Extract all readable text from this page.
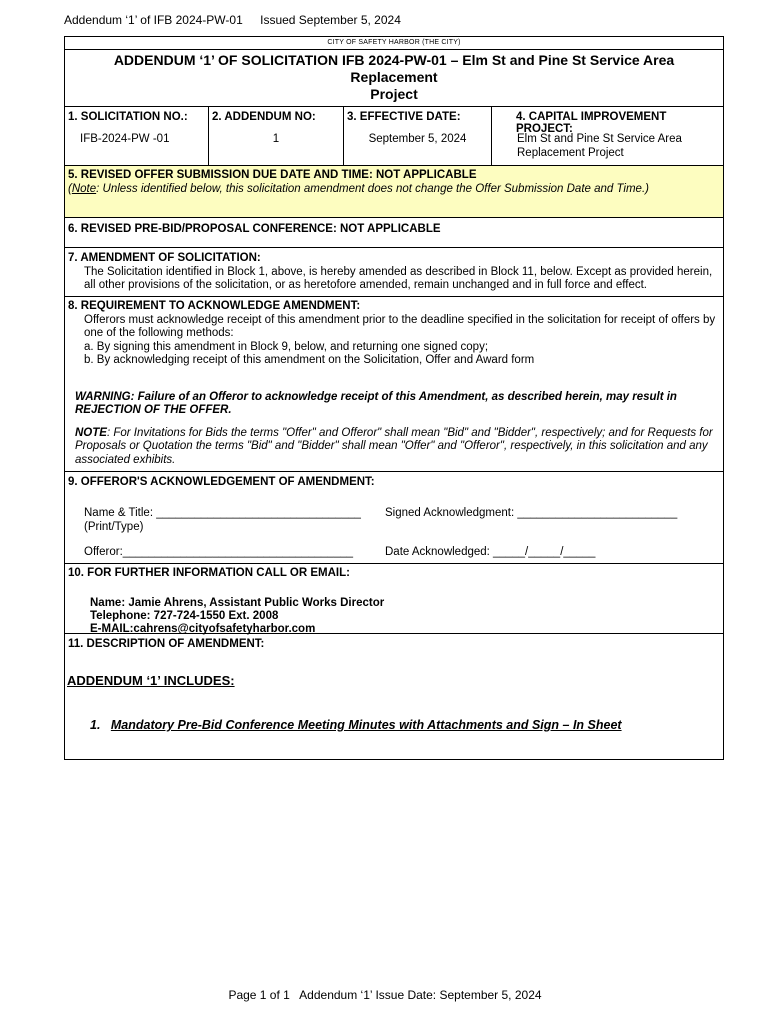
Addendum ‘1’ of IFB 2024-PW-01 Issued September 5, 2024
CITY OF SAFETY HARBOR (THE CITY)
ADDENDUM ‘1’ OF SOLICITATION IFB 2024-PW-01 – Elm St and Pine St Service Area Replacement
Project
1. SOLICITATION NO.:
IFB-2024-PW -01
2. ADDENDUM NO:
1
3. EFFECTIVE DATE:
September 5, 2024
4. CAPITAL IMPROVEMENT PROJECT:
Elm St and Pine St Service Area
Replacement Project
5. REVISED OFFER SUBMISSION DUE DATE AND TIME: NOT APPLICABLE
(Note: Unless identified below, this solicitation amendment does not change the Offer Submission Date and Time.)
6. REVISED PRE-BID/PROPOSAL CONFERENCE: NOT APPLICABLE
7. AMENDMENT OF SOLICITATION:
The Solicitation identified in Block 1, above, is hereby amended as described in Block 11, below. Except as provided herein,
all other provisions of the solicitation, or as heretofore amended, remain unchanged and in full force and effect.
8. REQUIREMENT TO ACKNOWLEDGE AMENDMENT:
Offerors must acknowledge receipt of this amendment prior to the deadline specified in the solicitation for receipt of offers by
one of the following methods:
a. By signing this amendment in Block 9, below, and returning one signed copy;
b. By acknowledging receipt of this amendment on the Solicitation, Offer and Award form
WARNING: Failure of an Offeror to acknowledge receipt of this Amendment, as described herein, may result in
REJECTION OF THE OFFER.
NOTE: For Invitations for Bids the terms "Offer" and Offeror" shall mean "Bid" and "Bidder", respectively; and for Requests for
Proposals or Quotation the terms "Bid" and "Bidder" shall mean "Offer" and "Offeror", respectively, in this solicitation and any
associated exhibits.
9. OFFEROR'S ACKNOWLEDGEMENT OF AMENDMENT:
Name & Title: ________________________________
(Print/Type)
Signed Acknowledgment: _________________________
Offeror:____________________________________	Date Acknowledged: _____/_____/_____
10. FOR FURTHER INFORMATION CALL OR EMAIL:
Name: Jamie Ahrens, Assistant Public Works Director
Telephone: 727-724-1550 Ext. 2008
E-MAIL:cahrens@cityofsafetyharbor.com
11. DESCRIPTION OF AMENDMENT:
ADDENDUM ‘1’ INCLUDES:
1. Mandatory Pre-Bid Conference Meeting Minutes with Attachments and Sign – In Sheet
Page 1 of 1 Addendum ‘1’ Issue Date: September 5, 2024
